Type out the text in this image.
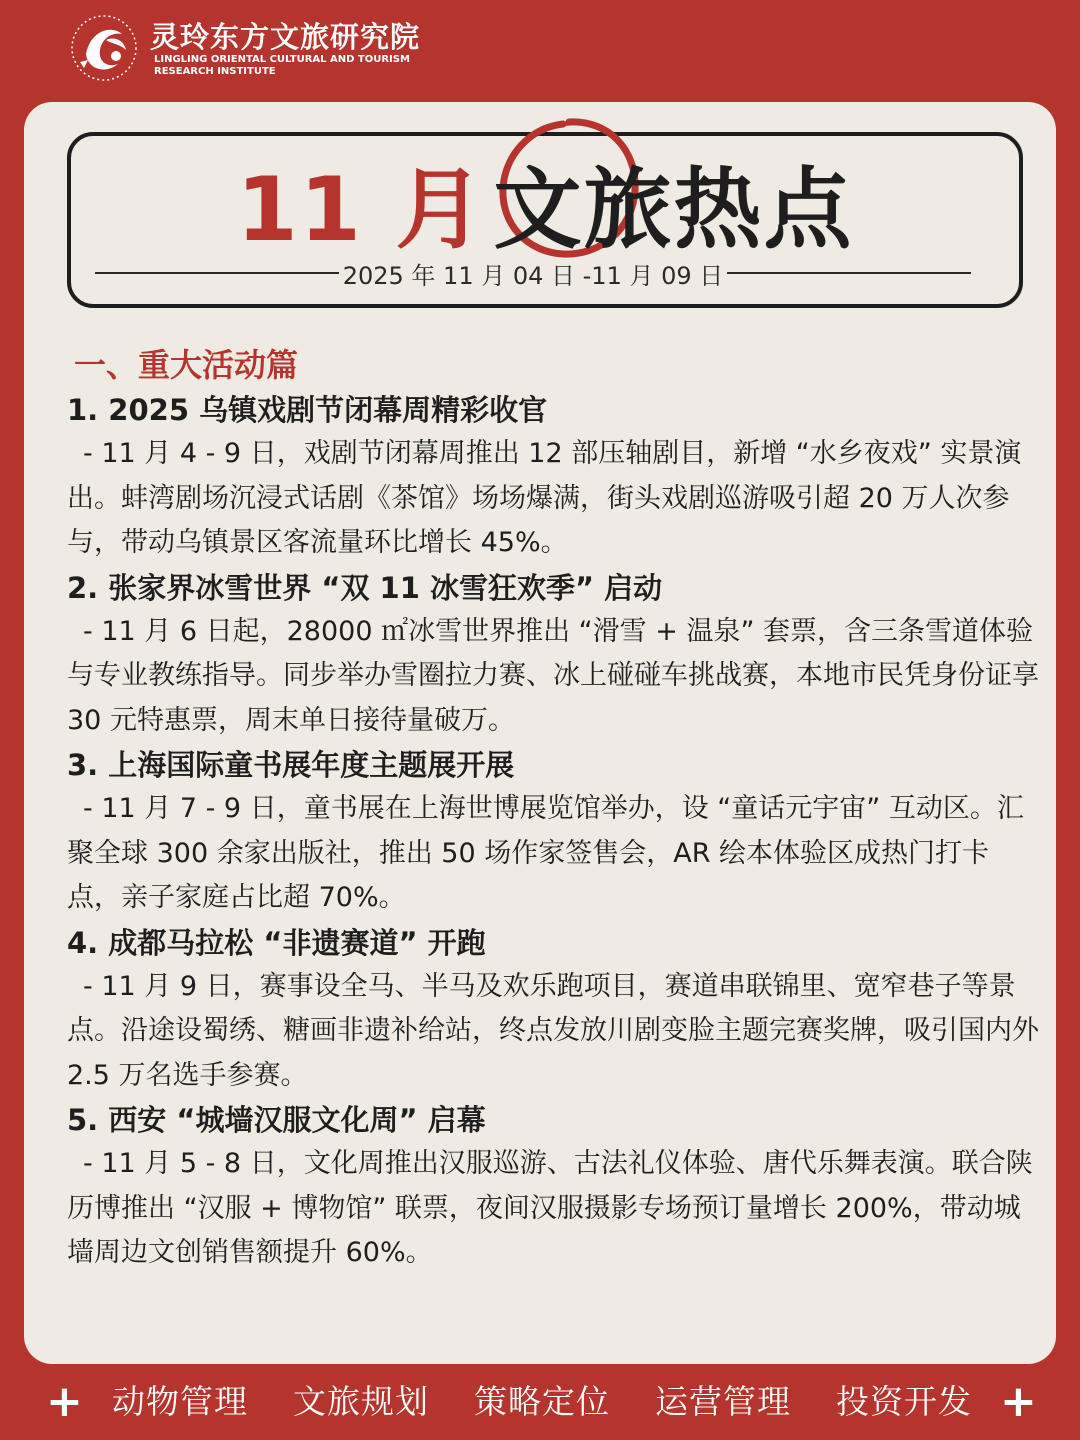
灵玲东方文旅研究院
LINGLING ORIENTAL CULTURAL AND TOURISM
RESEARCH INSTITUTE
11 月文旅热点
2025 年 11 月 04 日 -11 月 09 日
一、重大活动篇
1. 2025 乌镇戏剧节闭幕周精彩收官
- 11 月 4 - 9 日，戏剧节闭幕周推出 12 部压轴剧目，新增 “水乡夜戏” 实景演出。蚌湾剧场沉浸式话剧《茶馆》场场爆满，街头戏剧巡游吸引超 20 万人次参与，带动乌镇景区客流量环比增长 45%。
2. 张家界冰雪世界 “双 11 冰雪狂欢季” 启动
- 11 月 6 日起，28000 ㎡冰雪世界推出 “滑雪 + 温泉” 套票，含三条雪道体验与专业教练指导。同步举办雪圈拉力赛、冰上碰碰车挑战赛，本地市民凭身份证享 30 元特惠票，周末单日接待量破万。
3. 上海国际童书展年度主题展开展
- 11 月 7 - 9 日，童书展在上海世博展览馆举办，设 “童话元宇宙” 互动区。汇聚全球 300 余家出版社，推出 50 场作家签售会，AR 绘本体验区成热门打卡点，亲子家庭占比超 70%。
4. 成都马拉松 “非遗赛道” 开跑
- 11 月 9 日，赛事设全马、半马及欢乐跑项目，赛道串联锦里、宽窄巷子等景点。沿途设蜀绣、糖画非遗补给站，终点发放川剧变脸主题完赛奖牌，吸引国内外 2.5 万名选手参赛。
5. 西安 “城墙汉服文化周” 启幕
- 11 月 5 - 8 日，文化周推出汉服巡游、古法礼仪体验、唐代乐舞表演。联合陕历博推出 “汉服 + 博物馆” 联票，夜间汉服摄影专场预订量增长 200%，带动城墙周边文创销售额提升 60%。
+ 动物管理 文旅规划 策略定位 运营管理 投资开发 +
